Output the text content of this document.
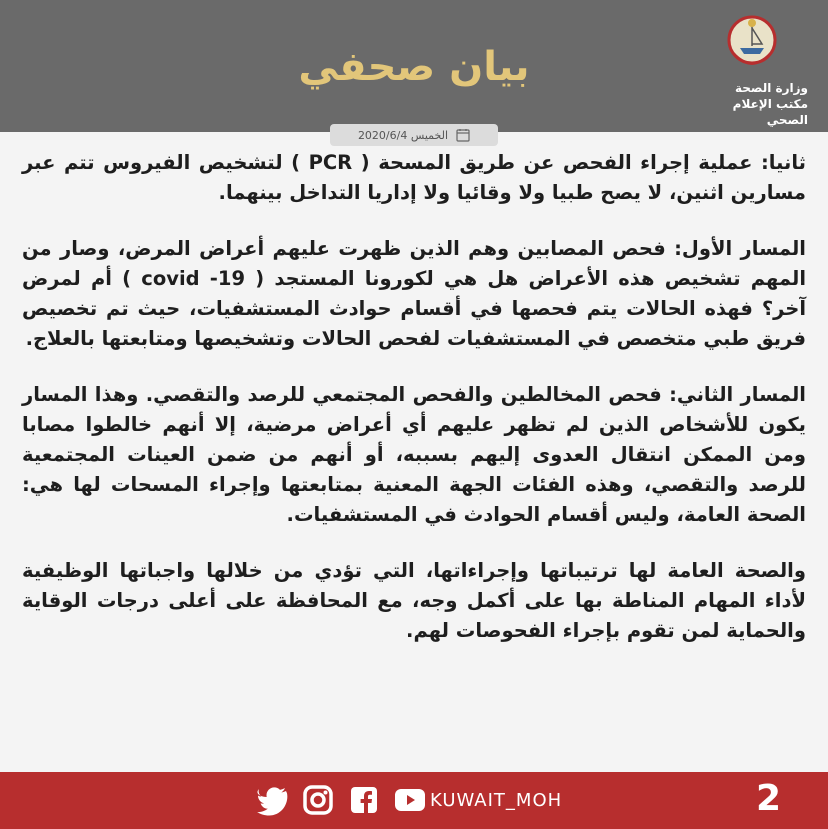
بيان صحفي	وزارة الصحة
مكتب الإعلام الصحي
الخميس 2020/6/4

ثانيا: عملية إجراء الفحص عن طريق المسحة ( PCR ) لتشخيص الفيروس تتم عبر مسارين اثنين، لا يصح طبيا ولا وقائيا ولا إداريا التداخل بينهما.

المسار الأول: فحص المصابين وهم الذين ظهرت عليهم أعراض المرض، وصار من المهم تشخيص هذه الأعراض هل هي لكورونا المستجد ( covid -19 ) أم لمرض آخر؟ فهذه الحالات يتم فحصها في أقسام حوادث المستشفيات، حيث تم تخصيص فريق طبي متخصص في المستشفيات لفحص الحالات وتشخيصها ومتابعتها بالعلاج.

المسار الثاني: فحص المخالطين والفحص المجتمعي للرصد والتقصي. وهذا المسار يكون للأشخاص الذين لم تظهر عليهم أي أعراض مرضية، إلا أنهم خالطوا مصابا ومن الممكن انتقال العدوى إليهم بسببه، أو أنهم من ضمن العينات المجتمعية للرصد والتقصي، وهذه الفئات الجهة المعنية بمتابعتها وإجراء المسحات لها هي: الصحة العامة، وليس أقسام الحوادث في المستشفيات.

والصحة العامة لها ترتيباتها وإجراءاتها، التي تؤدي من خلالها واجباتها الوظيفية لأداء المهام المناطة بها على أكمل وجه، مع المحافظة على أعلى درجات الوقاية والحماية لمن تقوم بإجراء الفحوصات لهم.

KUWAIT_MOH	2
